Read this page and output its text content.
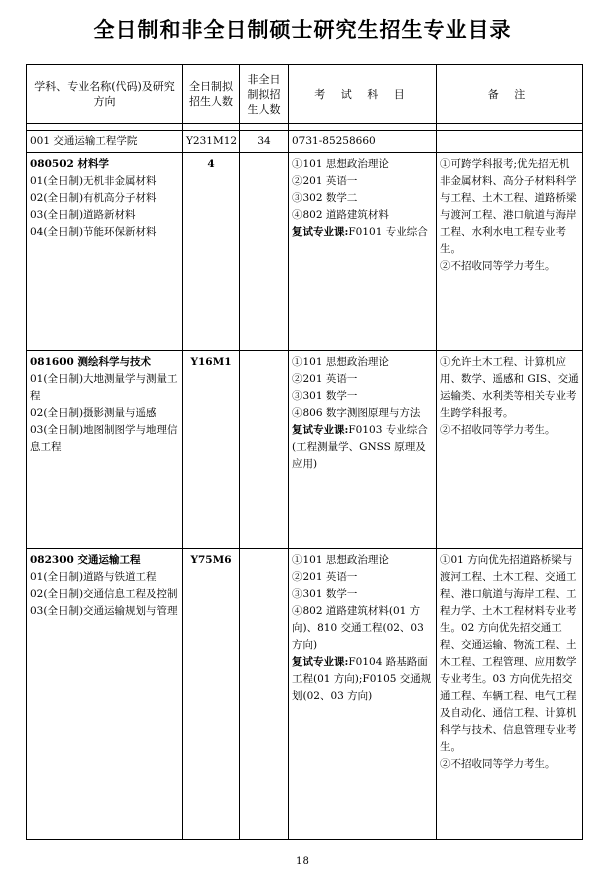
全日制和非全日制硕士研究生招生专业目录
学科、专业名称(代码)及研究方向	全日制拟招生人数	非全日制拟招生人数	考 试 科 目	备 注

001 交通运输工程学院	Y231M12	34	0731-85258660	

080502 材料学
01(全日制)无机非金属材料
02(全日制)有机高分子材料
03(全日制)道路新材料
04(全日制)节能环保新材料	4		①101 思想政治理论
②201 英语一
③302 数学二
④802 道路建筑材料
复试专业课:F0101 专业综合	①可跨学科报考;优先招无机非金属材料、高分子材料科学与工程、土木工程、道路桥梁与渡河工程、港口航道与海岸工程、水利水电工程专业考生。
②不招收同等学力考生。

081600 测绘科学与技术
01(全日制)大地测量学与测量工程
02(全日制)摄影测量与遥感
03(全日制)地图制图学与地理信息工程	Y16M1		①101 思想政治理论
②201 英语一
③301 数学一
④806 数字测图原理与方法
复试专业课:F0103 专业综合(工程测量学、GNSS 原理及应用)	①允许土木工程、计算机应用、数学、遥感和 GIS、交通运输类、水利类等相关专业考生跨学科报考。
②不招收同等学力考生。

082300 交通运输工程
01(全日制)道路与铁道工程
02(全日制)交通信息工程及控制
03(全日制)交通运输规划与管理	Y75M6		①101 思想政治理论
②201 英语一
③301 数学一
④802 道路建筑材料(01 方向)、810 交通工程(02、03 方向)
复试专业课:F0104 路基路面工程(01 方向);F0105 交通规划(02、03 方向)	①01 方向优先招道路桥梁与渡河工程、土木工程、交通工程、港口航道与海岸工程、工程力学、土木工程材料专业考生。02 方向优先招交通工程、交通运输、物流工程、土木工程、工程管理、应用数学专业考生。03 方向优先招交通工程、车辆工程、电气工程及自动化、通信工程、计算机科学与技术、信息管理专业考生。
②不招收同等学力考生。
18
